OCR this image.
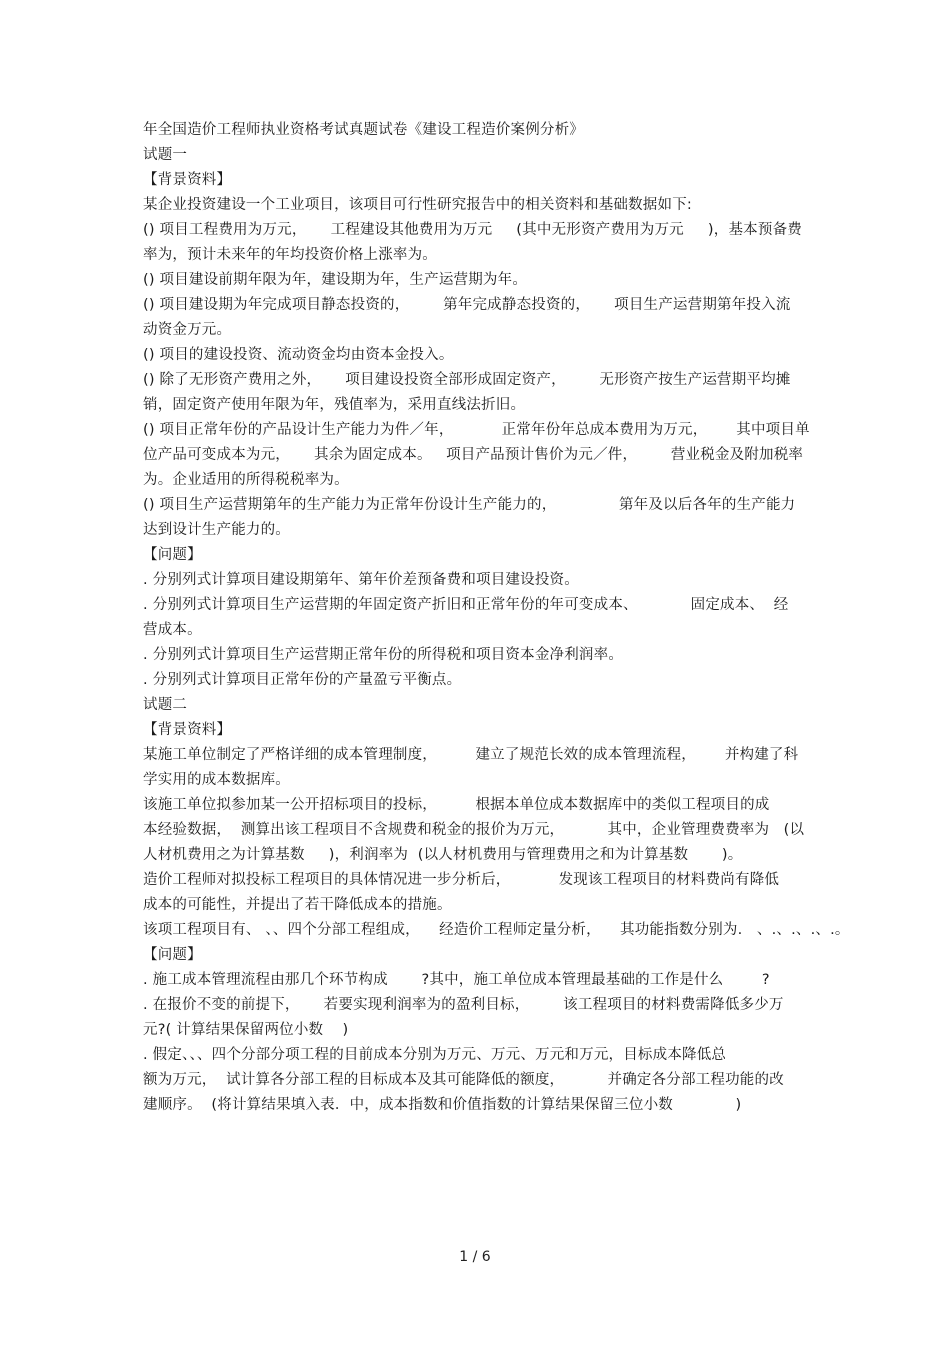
年全国造价工程师执业资格考试真题试卷《建设工程造价案例分析》
试题一
【背景资料】
某企业投资建设一个工业项目，该项目可行性研究报告中的相关资料和基础数据如下:
() 项目工程费用为万元，     工程建设其他费用为万元     (其中无形资产费用为万元     )，基本预备费
率为，预计未来年的年均投资价格上涨率为。
() 项目建设前期年限为年，建设期为年，生产运营期为年。
() 项目建设期为年完成项目静态投资的，       第年完成静态投资的，     项目生产运营期第年投入流
动资金万元。
() 项目的建设投资、流动资金均由资本金投入。
() 除了无形资产费用之外，     项目建设投资全部形成固定资产，       无形资产按生产运营期平均摊
销，固定资产使用年限为年，残值率为，采用直线法折旧。
() 项目正常年份的产品设计生产能力为件／年，          正常年份年总成本费用为万元，      其中项目单
位产品可变成本为元，     其余为固定成本。   项目产品预计售价为元／件，       营业税金及附加税率
为。企业适用的所得税税率为。
() 项目生产运营期第年的生产能力为正常年份设计生产能力的，             第年及以后各年的生产能力
达到设计生产能力的。
【问题】
. 分别列式计算项目建设期第年、第年价差预备费和项目建设投资。
. 分别列式计算项目生产运营期的年固定资产折旧和正常年份的年可变成本、           固定成本、  经
营成本。
. 分别列式计算项目生产运营期正常年份的所得税和项目资本金净利润率。
. 分别列式计算项目正常年份的产量盈亏平衡点。
试题二
【背景资料】
某施工单位制定了严格详细的成本管理制度，        建立了规范长效的成本管理流程，      并构建了科
学实用的成本数据库。
该施工单位拟参加某一公开招标项目的投标，        根据本单位成本数据库中的类似工程项目的成
本经验数据，  测算出该工程项目不含规费和税金的报价为万元，         其中，企业管理费费率为   (以
人材机费用之为计算基数     )，利润率为  (以人材机费用与管理费用之和为计算基数       )。
造价工程师对拟投标工程项目的具体情况进一步分析后，          发现该工程项目的材料费尚有降低
成本的可能性，并提出了若干降低成本的措施。
该项工程项目有、 、、四个分部工程组成，    经造价工程师定量分析，    其功能指数分别为.   、.、.、.、.。
【问题】
. 施工成本管理流程由那几个环节构成       ?其中，施工单位成本管理最基础的工作是什么        ?
. 在报价不变的前提下，     若要实现利润率为的盈利目标，       该工程项目的材料费需降低多少万
元?( 计算结果保留两位小数    )
. 假定、、、四个分部分项工程的目前成本分别为万元、万元、万元和万元，目标成本降低总
额为万元，  试计算各分部工程的目标成本及其可能降低的额度，         并确定各分部工程功能的改
建顺序。  (将计算结果填入表．中，成本指数和价值指数的计算结果保留三位小数             )
1 / 6
